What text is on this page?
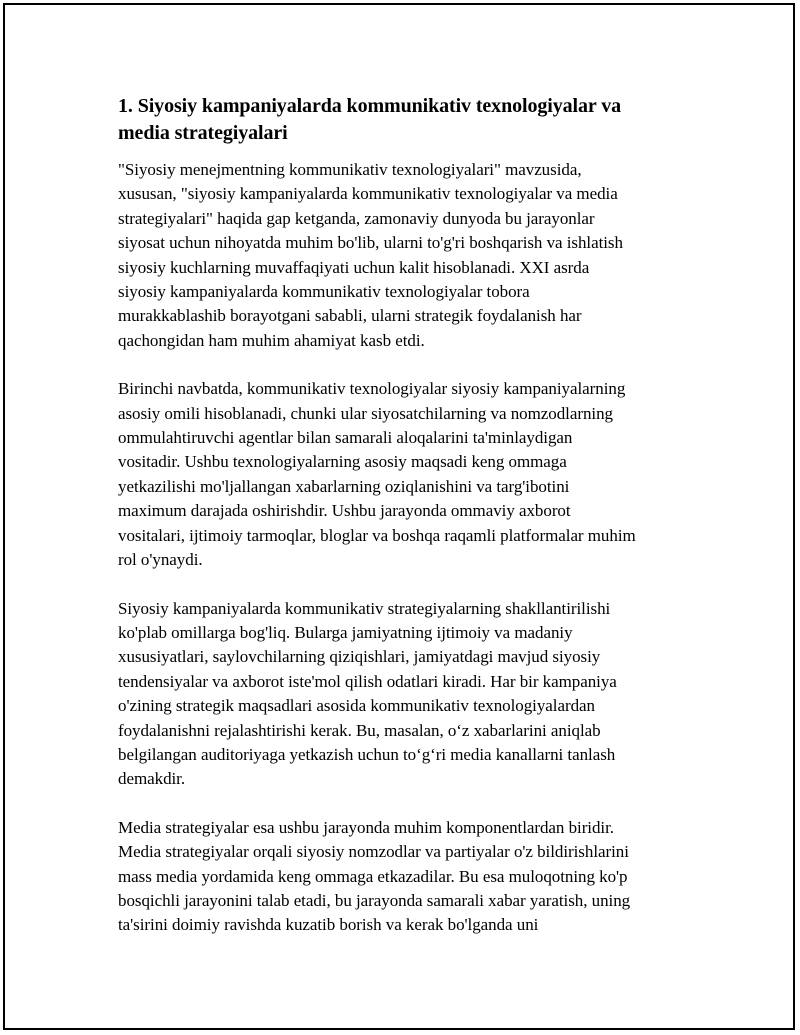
1. Siyosiy kampaniyalarda kommunikativ texnologiyalar va
media strategiyalari

"Siyosiy menejmentning kommunikativ texnologiyalari" mavzusida,
xususan, "siyosiy kampaniyalarda kommunikativ texnologiyalar va media
strategiyalari" haqida gap ketganda, zamonaviy dunyoda bu jarayonlar
siyosat uchun nihoyatda muhim bo'lib, ularni to'g'ri boshqarish va ishlatish
siyosiy kuchlarning muvaffaqiyati uchun kalit hisoblanadi. XXI asrda
siyosiy kampaniyalarda kommunikativ texnologiyalar tobora
murakkablashib borayotgani sababli, ularni strategik foydalanish har
qachongidan ham muhim ahamiyat kasb etdi.

Birinchi navbatda, kommunikativ texnologiyalar siyosiy kampaniyalarning
asosiy omili hisoblanadi, chunki ular siyosatchilarning va nomzodlarning
ommulahtiruvchi agentlar bilan samarali aloqalarini ta'minlaydigan
vositadir. Ushbu texnologiyalarning asosiy maqsadi keng ommaga
yetkazilishi mo'ljallangan xabarlarning oziqlanishini va targ'ibotini
maximum darajada oshirishdir. Ushbu jarayonda ommaviy axborot
vositalari, ijtimoiy tarmoqlar, bloglar va boshqa raqamli platformalar muhim
rol o'ynaydi.

Siyosiy kampaniyalarda kommunikativ strategiyalarning shakllantirilishi
ko'plab omillarga bog'liq. Bularga jamiyatning ijtimoiy va madaniy
xususiyatlari, saylovchilarning qiziqishlari, jamiyatdagi mavjud siyosiy
tendensiyalar va axborot iste'mol qilish odatlari kiradi. Har bir kampaniya
o'zining strategik maqsadlari asosida kommunikativ texnologiyalardan
foydalanishni rejalashtirishi kerak. Bu, masalan, o‘z xabarlarini aniqlab
belgilangan auditoriyaga yetkazish uchun to‘g‘ri media kanallarni tanlash
demakdir.

Media strategiyalar esa ushbu jarayonda muhim komponentlardan biridir.
Media strategiyalar orqali siyosiy nomzodlar va partiyalar o'z bildirishlarini
mass media yordamida keng ommaga etkazadilar. Bu esa muloqotning ko'p
bosqichli jarayonini talab etadi, bu jarayonda samarali xabar yaratish, uning
ta'sirini doimiy ravishda kuzatib borish va kerak bo'lganda uni
